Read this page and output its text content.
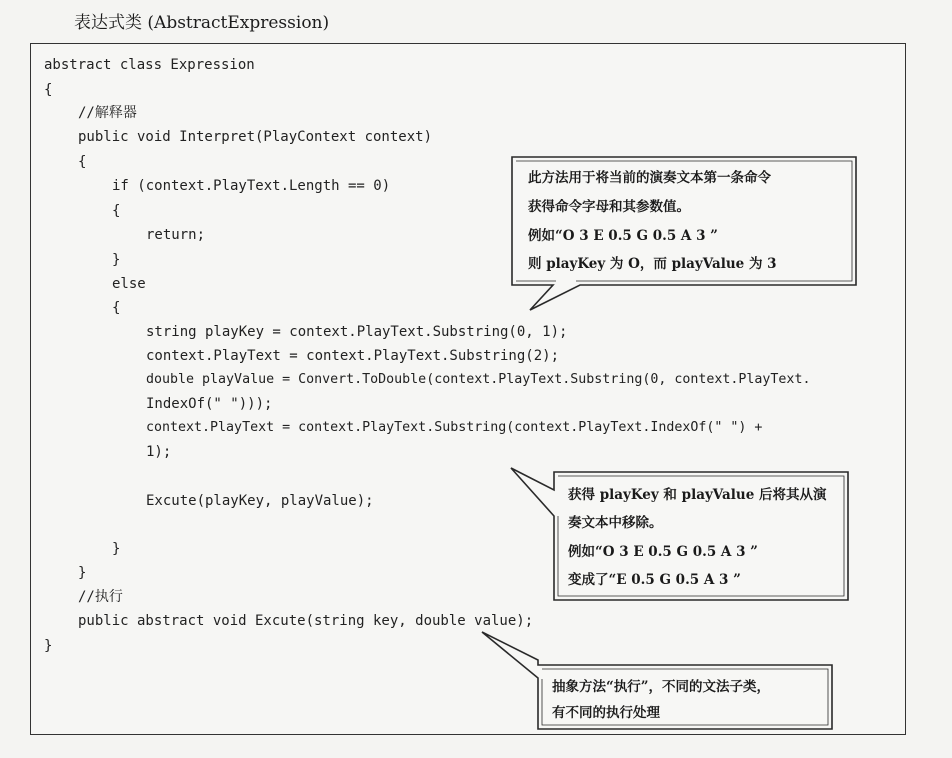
表达式类 (AbstractExpression)
abstract class Expression
{
//解释器
public void Interpret(PlayContext context)
{
if (context.PlayText.Length == 0)
{
return;
}
else
{
string playKey = context.PlayText.Substring(0, 1);
context.PlayText = context.PlayText.Substring(2);
double playValue = Convert.ToDouble(context.PlayText.Substring(0, context.PlayText.
IndexOf(" ")));
context.PlayText = context.PlayText.Substring(context.PlayText.IndexOf(" ") +
1);
Excute(playKey, playValue);
}
}
//执行
public abstract void Excute(string key, double value);
}
此方法用于将当前的演奏文本第一条命令
获得命令字母和其参数值。
例如“O 3 E 0.5 G 0.5 A 3 ”
则 playKey 为 O，而 playValue 为 3
获得 playKey 和 playValue 后将其从演
奏文本中移除。
例如“O 3 E 0.5 G 0.5 A 3 ”
变成了“E 0.5 G 0.5 A 3 ”
抽象方法“执行”，不同的文法子类，
有不同的执行处理
